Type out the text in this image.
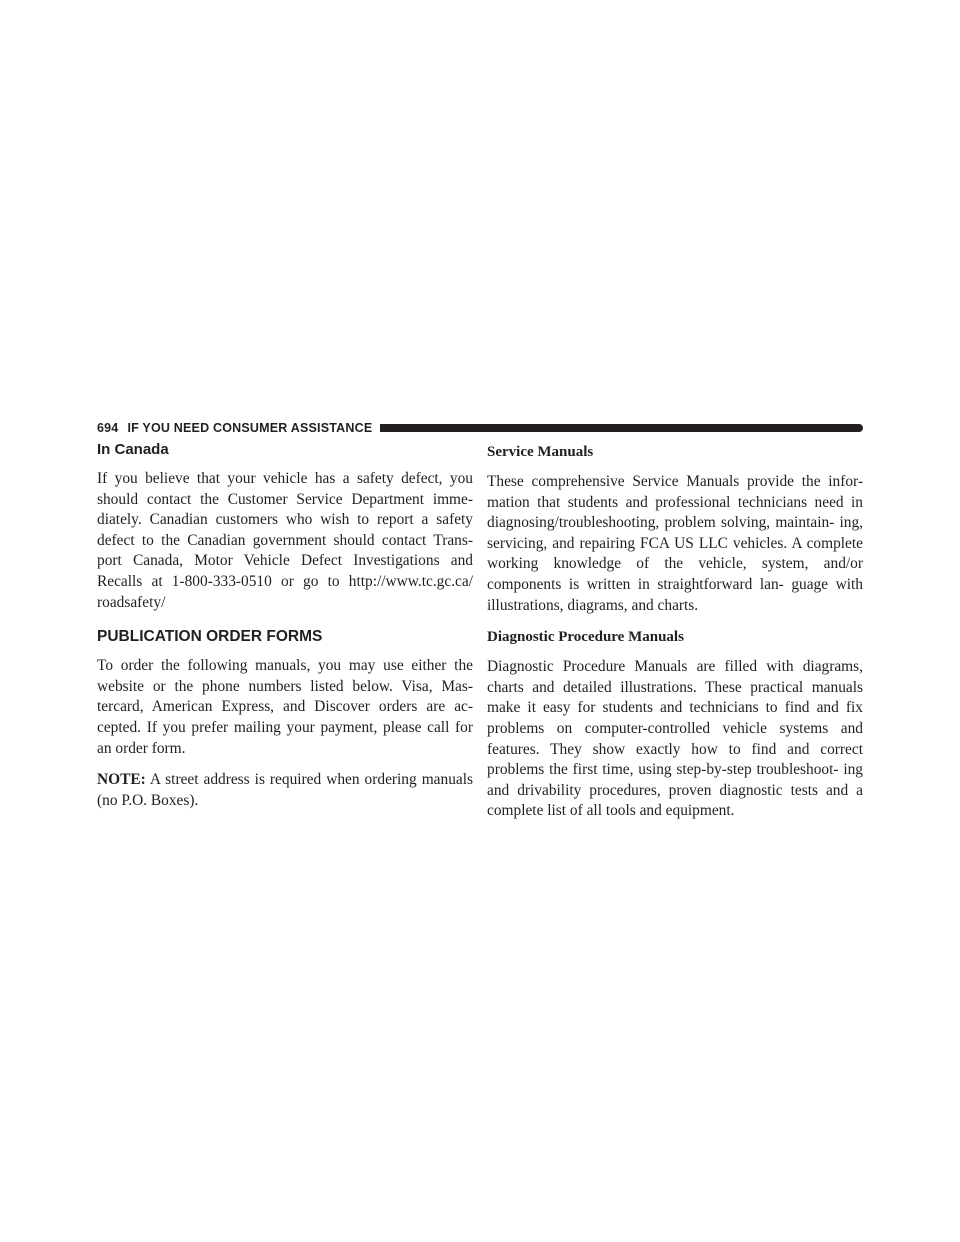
694 IF YOU NEED CONSUMER ASSISTANCE
In Canada

If you believe that your vehicle has a safety defect, you should contact the Customer Service Department imme- diately. Canadian customers who wish to report a safety defect to the Canadian government should contact Trans- port Canada, Motor Vehicle Defect Investigations and Recalls at 1-800-333-0510 or go to http://www.tc.gc.ca/ roadsafety/

PUBLICATION ORDER FORMS

To order the following manuals, you may use either the website or the phone numbers listed below. Visa, Mas- tercard, American Express, and Discover orders are ac- cepted. If you prefer mailing your payment, please call for an order form.

NOTE: A street address is required when ordering manuals (no P.O. Boxes).

Service Manuals

These comprehensive Service Manuals provide the infor- mation that students and professional technicians need in diagnosing/troubleshooting, problem solving, maintain- ing, servicing, and repairing FCA US LLC vehicles. A complete working knowledge of the vehicle, system, and/or components is written in straightforward lan- guage with illustrations, diagrams, and charts.

Diagnostic Procedure Manuals

Diagnostic Procedure Manuals are filled with diagrams, charts and detailed illustrations. These practical manuals make it easy for students and technicians to find and fix problems on computer-controlled vehicle systems and features. They show exactly how to find and correct problems the first time, using step-by-step troubleshoot- ing and drivability procedures, proven diagnostic tests and a complete list of all tools and equipment.
